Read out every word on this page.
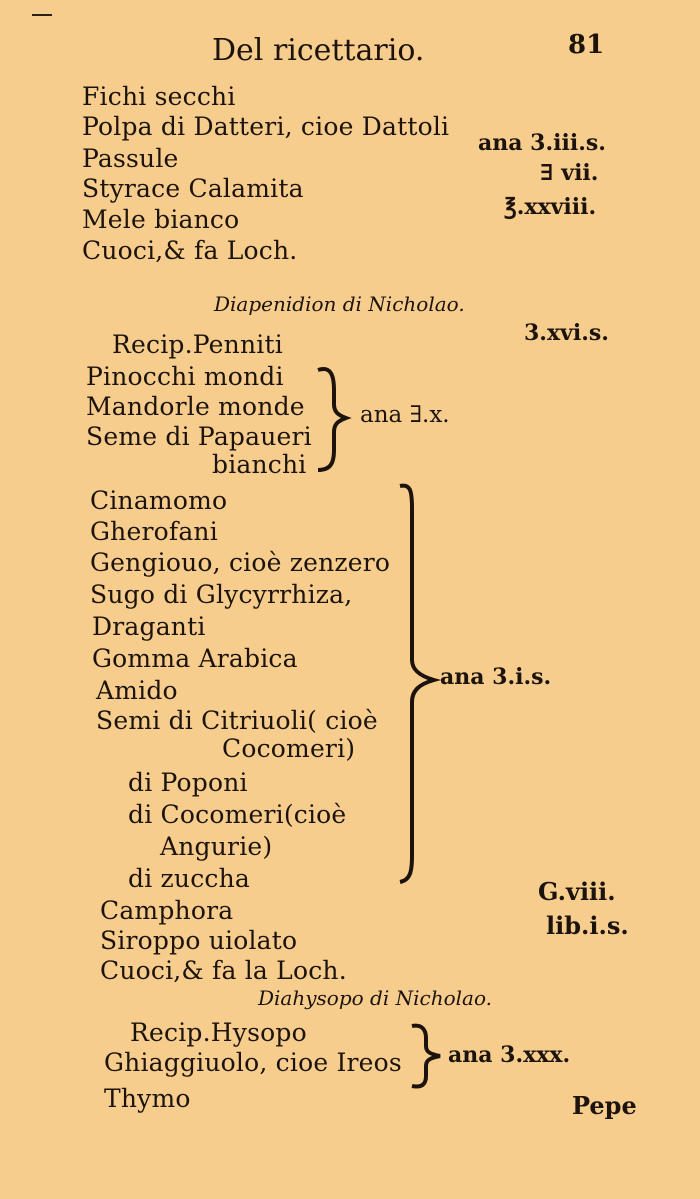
Del ricettario.	81
Fichi secchi
Polpa di Datteri, cioe Dattoli
Passule
Styrace Calamita
Mele bianco
Cuoci,& fa Loch.
ana 3.iii.s.
∃ vii.
℥.xxviii.
Diapenidion di Nicholao.
Recip.Penniti	3.xvi.s.
Pinocchi mondi
Mandorle monde
Seme di Papaueri
bianchi
ana ∃.x.
Cinamomo
Gherofani
Gengiouo, cioè zenzero
Sugo di Glycyrrhiza,
Draganti
Gomma Arabica
Amido
Semi di Citriuoli( cioè
Cocomeri)
di Poponi
di Cocomeri(cioè
Angurie)
di zuccha
ana 3.i.s.
Camphora
Siroppo uiolato
Cuoci,& fa la Loch.
G.viii.
lib.i.s.
Diahysopo di Nicholao.
Recip.Hysopo
Ghiaggiuolo, cioe Ireos
Thymo
ana 3.xxx.
Pepe
